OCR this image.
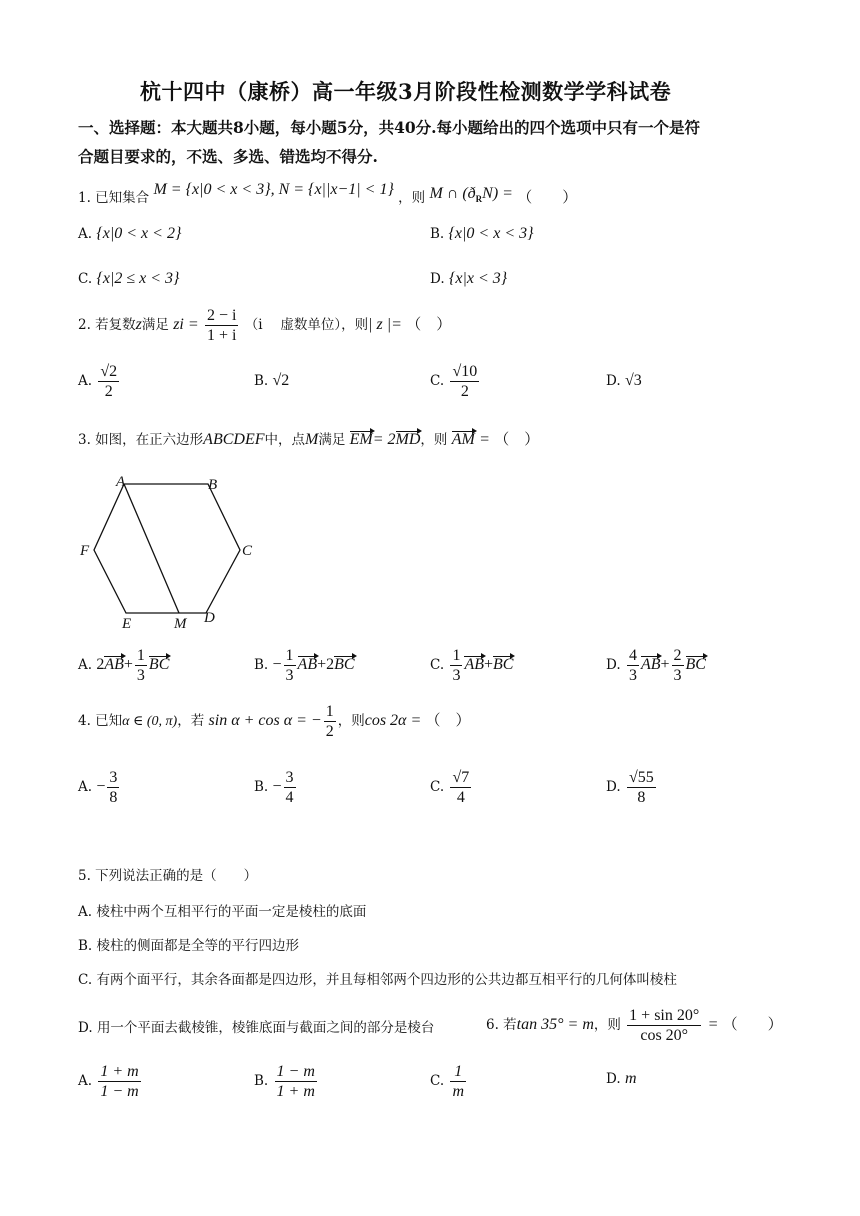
杭十四中（康桥）高一年级3月阶段性检测数学学科试卷
一、选择题：本大题共8小题，每小题5分，共40分.每小题给出的四个选项中只有一个是符
合题目要求的，不选、多选、错选均不得分.
1. 已知集合 M = {x|0 < x < 3}, N = {x||x−1| < 1} ，则 M ∩ $(ð_RN)$ = （　　）
A. {x|0 < x < 2}	B. {x|0 < x < 3}
C. {x|2 ≤ x < 3}	D. {x|x < 3}
2. 若复数z满足 zi = $\frac{2 - i}{1 + i} (i$　 虚数单位），则| z |= （　）
A. $\frac{√2}{2}$	B. √2	C. $\frac{√10}{2}$	D. √3
3. 如图，在正六边形ABCDEF中，点M满足 EM= 2MD，则 AM = （　）
A	B
C
D
E
F
M
A. $2AB+ \frac{1}{3}$ BC	B. − $\frac{1}{3} AB+2BC$	C. $\frac{1}{3} AB+BC$	D. $\frac{4}{3} AB+ \frac{2}{3}$ BC
4. 已知α ∈ (0, π)，若 sin α + cos α = − $\frac{1}{2}$ ，则cos 2α = （　）
A. − $\frac{3}{8}$	B. − $\frac{3}{4}$	C. $\frac{√7}{4}$	D. $\frac{√55}{8}$
5. 下列说法正确的是（　　）
A. 棱柱中两个互相平行的平面一定是棱柱的底面
B. 棱柱的侧面都是全等的平行四边形
C. 有两个面平行，其余各面都是四边形，并且每相邻两个四边形的公共边都互相平行的几何体叫棱柱
D. 用一个平面去截棱锥，棱锥底面与截面之间的部分是棱台	6. 若tan 35° = m，则 $\frac{1 + \sin 20^\circ}{\cos 20^\circ}$ = （　　）
A. $\frac{1 + m}{1 - m}$	B. $\frac{1 - m}{1 + m}$	C. $\frac{1}{m}$	D. m
